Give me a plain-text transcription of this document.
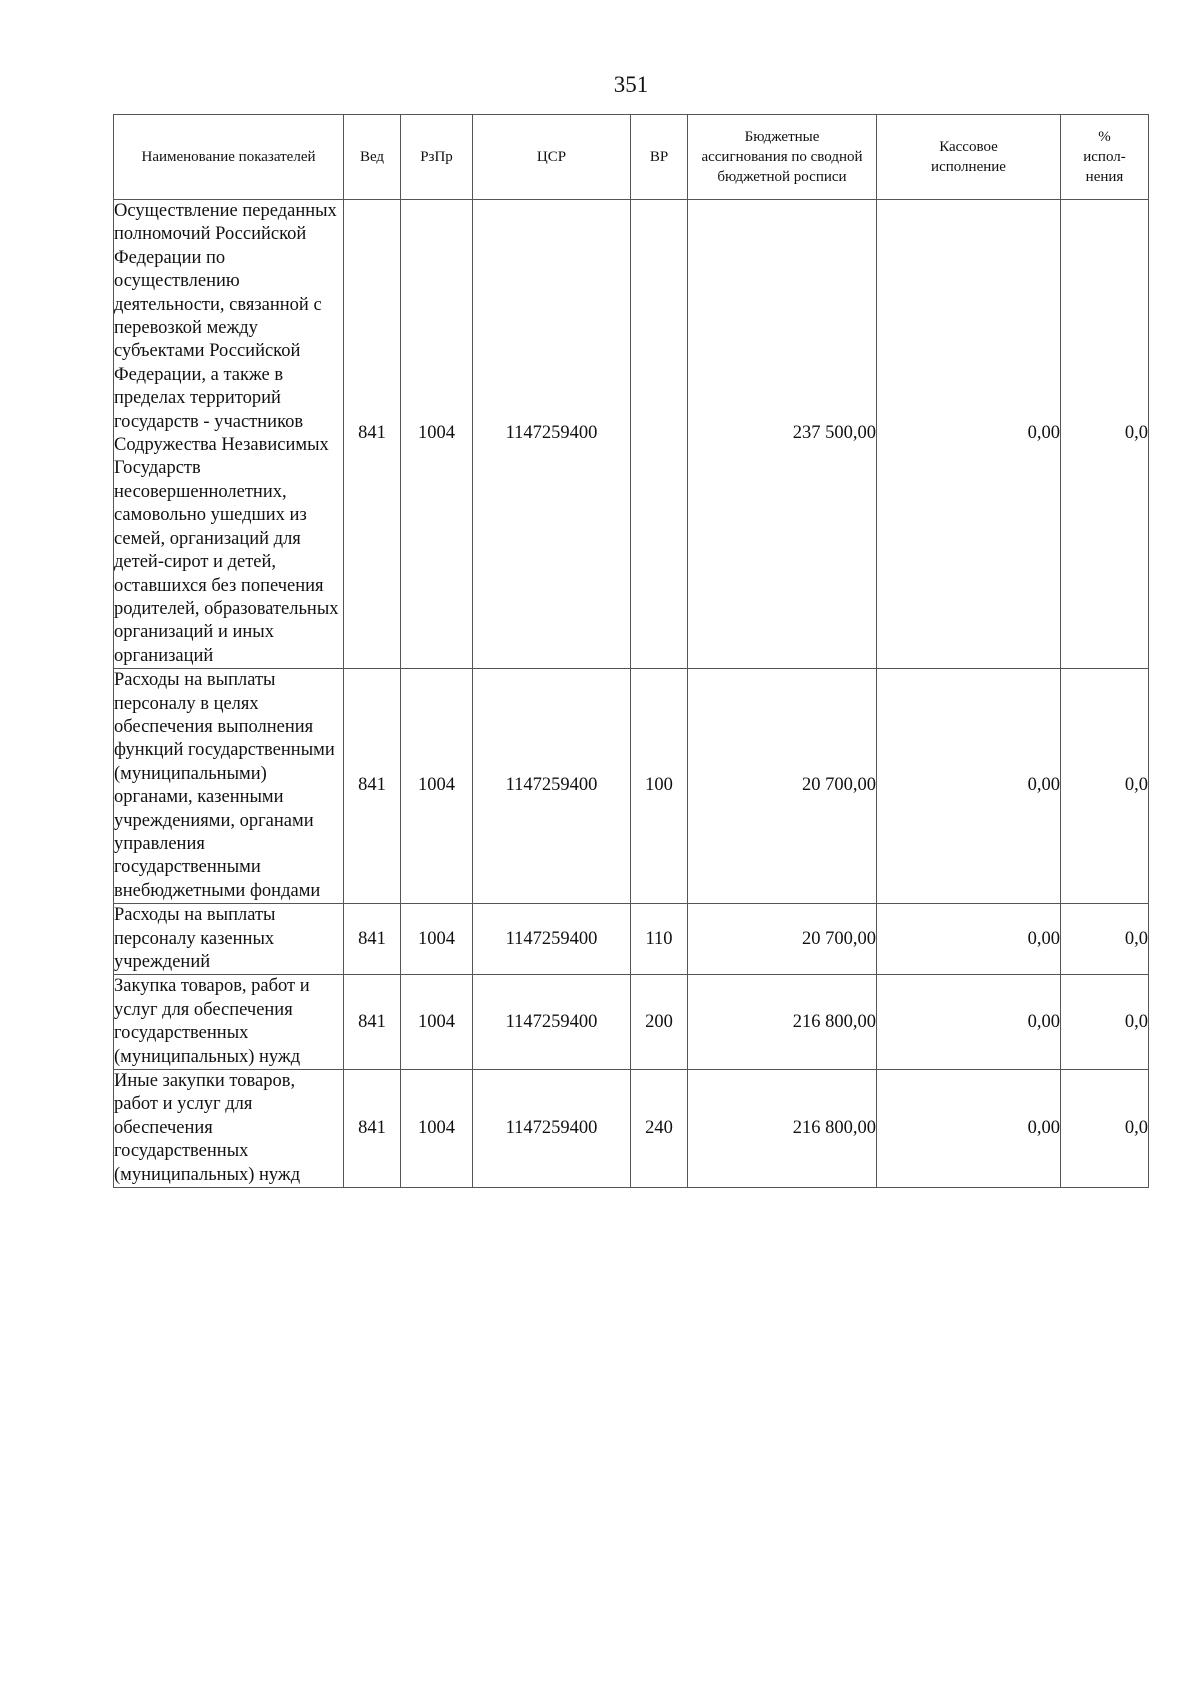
351
Наименование показателей	Вед	РзПр	ЦСР	ВР	Бюджетные ассигнования по сводной бюджетной росписи	Кассовое исполнение	% испол- нения
Осуществление переданных полномочий Российской Федерации по осуществлению деятельности, связанной с перевозкой между субъектами Российской Федерации, а также в пределах территорий государств - участников Содружества Независимых Государств несовершеннолетних, самовольно ушедших из семей, организаций для детей-сирот и детей, оставшихся без попечения родителей, образовательных организаций и иных организаций	841	1004	1147259400		237 500,00	0,00	0,0
Расходы на выплаты персоналу в целях обеспечения выполнения функций государственными (муниципальными) органами, казенными учреждениями, органами управления государственными внебюджетными фондами	841	1004	1147259400	100	20 700,00	0,00	0,0
Расходы на выплаты персоналу казенных учреждений	841	1004	1147259400	110	20 700,00	0,00	0,0
Закупка товаров, работ и услуг для обеспечения государственных (муниципальных) нужд	841	1004	1147259400	200	216 800,00	0,00	0,0
Иные закупки товаров, работ и услуг для обеспечения государственных (муниципальных) нужд	841	1004	1147259400	240	216 800,00	0,00	0,0
